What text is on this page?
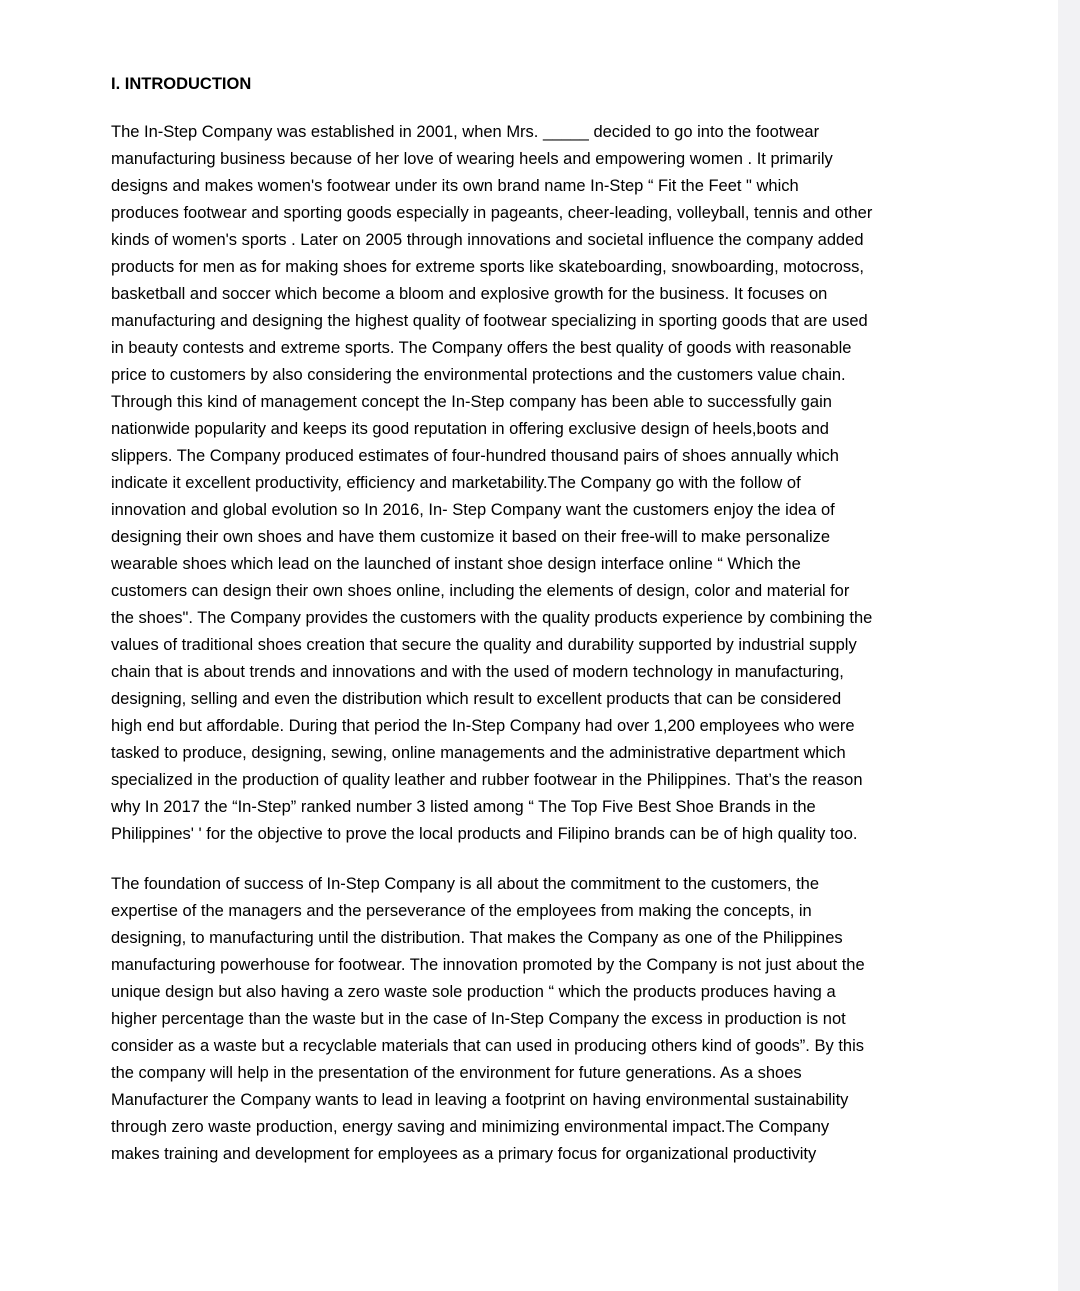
I. INTRODUCTION
The In-Step Company was established in 2001, when Mrs. _____ decided to go into the footwear
manufacturing business because of her love of wearing heels and empowering women . It primarily
designs and makes women's footwear under its own brand name In-Step “ Fit the Feet " which
produces footwear and sporting goods especially in pageants, cheer-leading, volleyball, tennis and other
kinds of women's sports . Later on 2005 through innovations and societal influence the company added
products for men as for making shoes for extreme sports like skateboarding, snowboarding, motocross,
basketball and soccer which become a bloom and explosive growth for the business. It focuses on
manufacturing and designing the highest quality of footwear specializing in sporting goods that are used
in beauty contests and extreme sports. The Company offers the best quality of goods with reasonable
price to customers by also considering the environmental protections and the customers value chain.
Through this kind of management concept the In-Step company has been able to successfully gain
nationwide popularity and keeps its good reputation in offering exclusive design of heels,boots and
slippers. The Company produced estimates of four-hundred thousand pairs of shoes annually which
indicate it excellent productivity, efficiency and marketability.The Company go with the follow of
innovation and global evolution so In 2016, In- Step Company want the customers enjoy the idea of
designing their own shoes and have them customize it based on their free-will to make personalize
wearable shoes which lead on the launched of instant shoe design interface online “ Which the
customers can design their own shoes online, including the elements of design, color and material for
the shoes". The Company provides the customers with the quality products experience by combining the
values of traditional shoes creation that secure the quality and durability supported by industrial supply
chain that is about trends and innovations and with the used of modern technology in manufacturing,
designing, selling and even the distribution which result to excellent products that can be considered
high end but affordable. During that period the In-Step Company had over 1,200 employees who were
tasked to produce, designing, sewing, online managements and the administrative department which
specialized in the production of quality leather and rubber footwear in the Philippines. That’s the reason
why In 2017 the “In-Step” ranked number 3 listed among “ The Top Five Best Shoe Brands in the
Philippines' ' for the objective to prove the local products and Filipino brands can be of high quality too.
The foundation of success of In-Step Company is all about the commitment to the customers, the
expertise of the managers and the perseverance of the employees from making the concepts, in
designing, to manufacturing until the distribution. That makes the Company as one of the Philippines
manufacturing powerhouse for footwear. The innovation promoted by the Company is not just about the
unique design but also having a zero waste sole production “ which the products produces having a
higher percentage than the waste but in the case of In-Step Company the excess in production is not
consider as a waste but a recyclable materials that can used in producing others kind of goods”. By this
the company will help in the presentation of the environment for future generations. As a shoes
Manufacturer the Company wants to lead in leaving a footprint on having environmental sustainability
through zero waste production, energy saving and minimizing environmental impact.The Company
makes training and development for employees as a primary focus for organizational productivity
